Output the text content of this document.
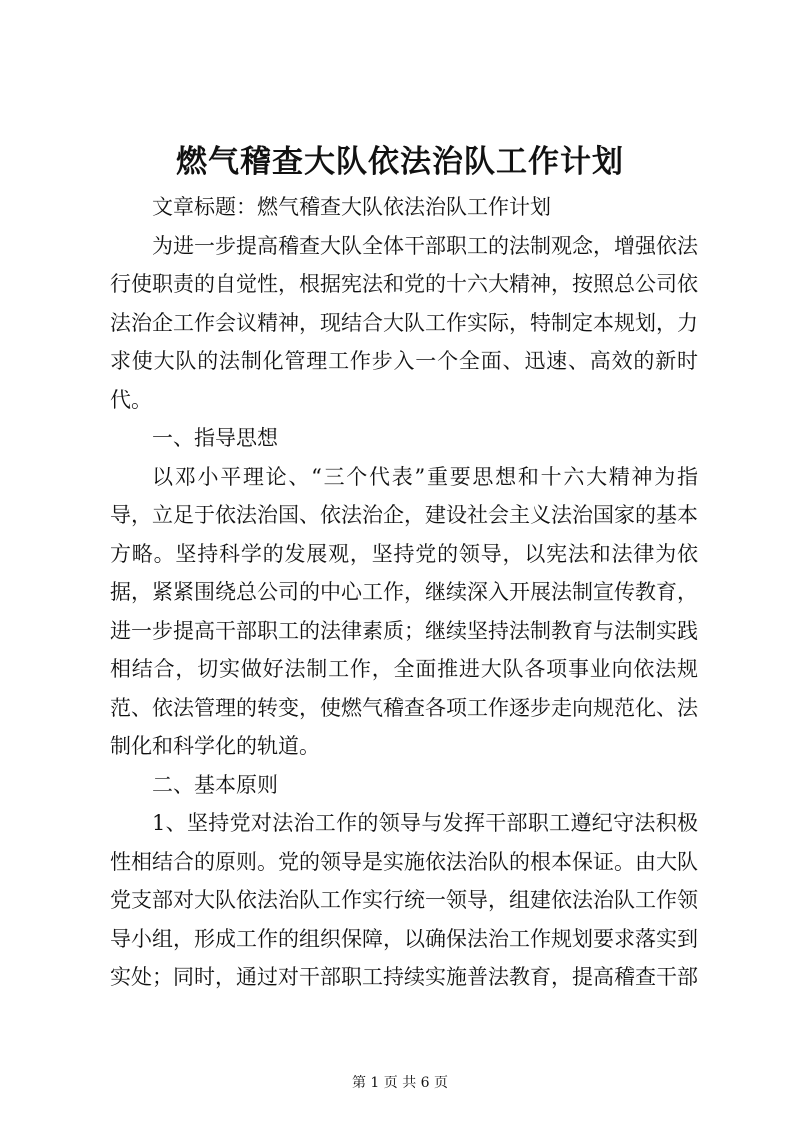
燃气稽查大队依法治队工作计划

文章标题：燃气稽查大队依法治队工作计划

为进一步提高稽查大队全体干部职工的法制观念，增强依法行使职责的自觉性，根据宪法和党的十六大精神，按照总公司依法治企工作会议精神，现结合大队工作实际，特制定本规划，力求使大队的法制化管理工作步入一个全面、迅速、高效的新时代。

一、指导思想

以邓小平理论、“三个代表”重要思想和十六大精神为指导，立足于依法治国、依法治企，建设社会主义法治国家的基本方略。坚持科学的发展观，坚持党的领导，以宪法和法律为依据，紧紧围绕总公司的中心工作，继续深入开展法制宣传教育，进一步提高干部职工的法律素质；继续坚持法制教育与法制实践相结合，切实做好法制工作，全面推进大队各项事业向依法规范、依法管理的转变，使燃气稽查各项工作逐步走向规范化、法制化和科学化的轨道。

二、基本原则

1、坚持党对法治工作的领导与发挥干部职工遵纪守法积极性相结合的原则。党的领导是实施依法治队的根本保证。由大队党支部对大队依法治队工作实行统一领导，组建依法治队工作领导小组，形成工作的组织保障，以确保法治工作规划要求落实到实处；同时，通过对干部职工持续实施普法教育，提高稽查干部

第 1 页 共 6 页
